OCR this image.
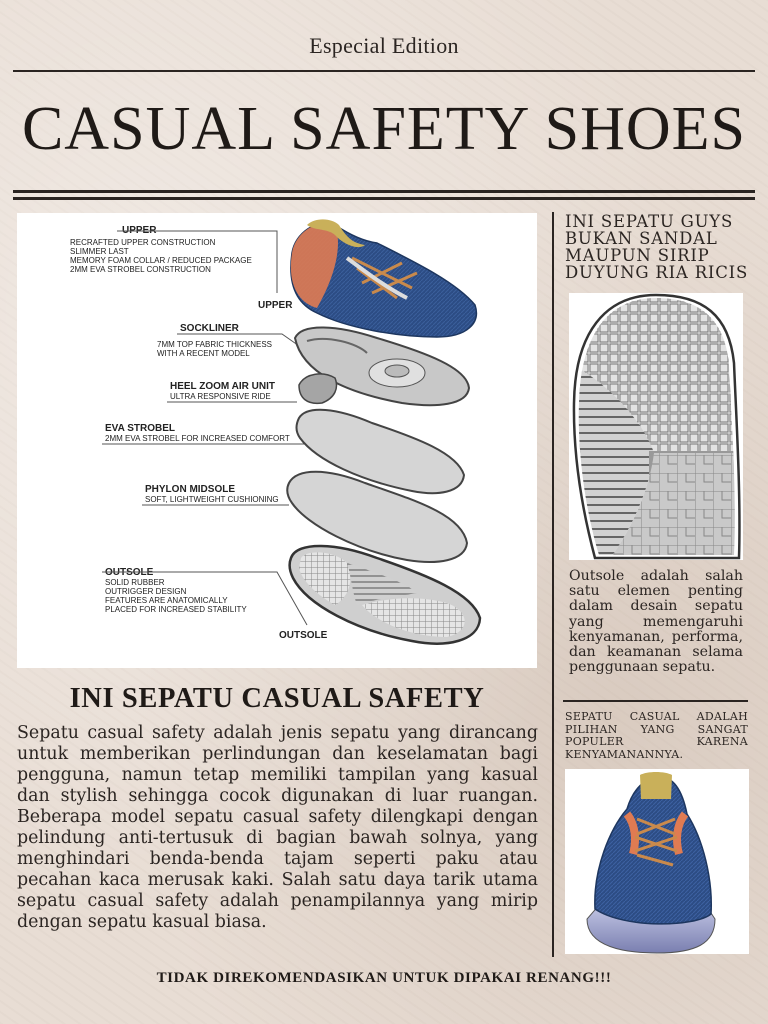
Especial Edition
CASUAL SAFETY SHOES
UPPER
RECRAFTED UPPER CONSTRUCTION
SLIMMER LAST
MEMORY FOAM COLLAR / REDUCED PACKAGE
2MM EVA STROBEL CONSTRUCTION
UPPER
SOCKLINER
7MM TOP FABRIC THICKNESS
WITH A RECENT MODEL
HEEL ZOOM AIR UNIT
ULTRA RESPONSIVE RIDE
EVA STROBEL
2MM EVA STROBEL FOR INCREASED COMFORT
PHYLON MIDSOLE
SOFT, LIGHTWEIGHT CUSHIONING
OUTSOLE
SOLID RUBBER
OUTRIGGER DESIGN
FEATURES ARE ANATOMICALLY
PLACED FOR INCREASED STABILITY
OUTSOLE
INI SEPATU GUYS BUKAN SANDAL MAUPUN SIRIP DUYUNG RIA RICIS
Outsole adalah salah satu elemen penting dalam desain sepatu yang memengaruhi kenyamanan, performa, dan keamanan selama penggunaan sepatu.
SEPATU CASUAL ADALAH PILIHAN YANG SANGAT POPULER KARENA KENYAMANANNYA.
INI SEPATU CASUAL SAFETY
Sepatu casual safety adalah jenis sepatu yang dirancang untuk memberikan perlindungan dan keselamatan bagi pengguna, namun tetap memiliki tampilan yang kasual dan stylish sehingga cocok digunakan di luar ruangan. Beberapa model sepatu casual safety dilengkapi dengan pelindung anti-tertusuk di bagian bawah solnya, yang menghindari benda-benda tajam seperti paku atau pecahan kaca merusak kaki. Salah satu daya tarik utama sepatu casual safety adalah penampilannya yang mirip dengan sepatu kasual biasa.
TIDAK DIREKOMENDASIKAN UNTUK DIPAKAI RENANG!!!
